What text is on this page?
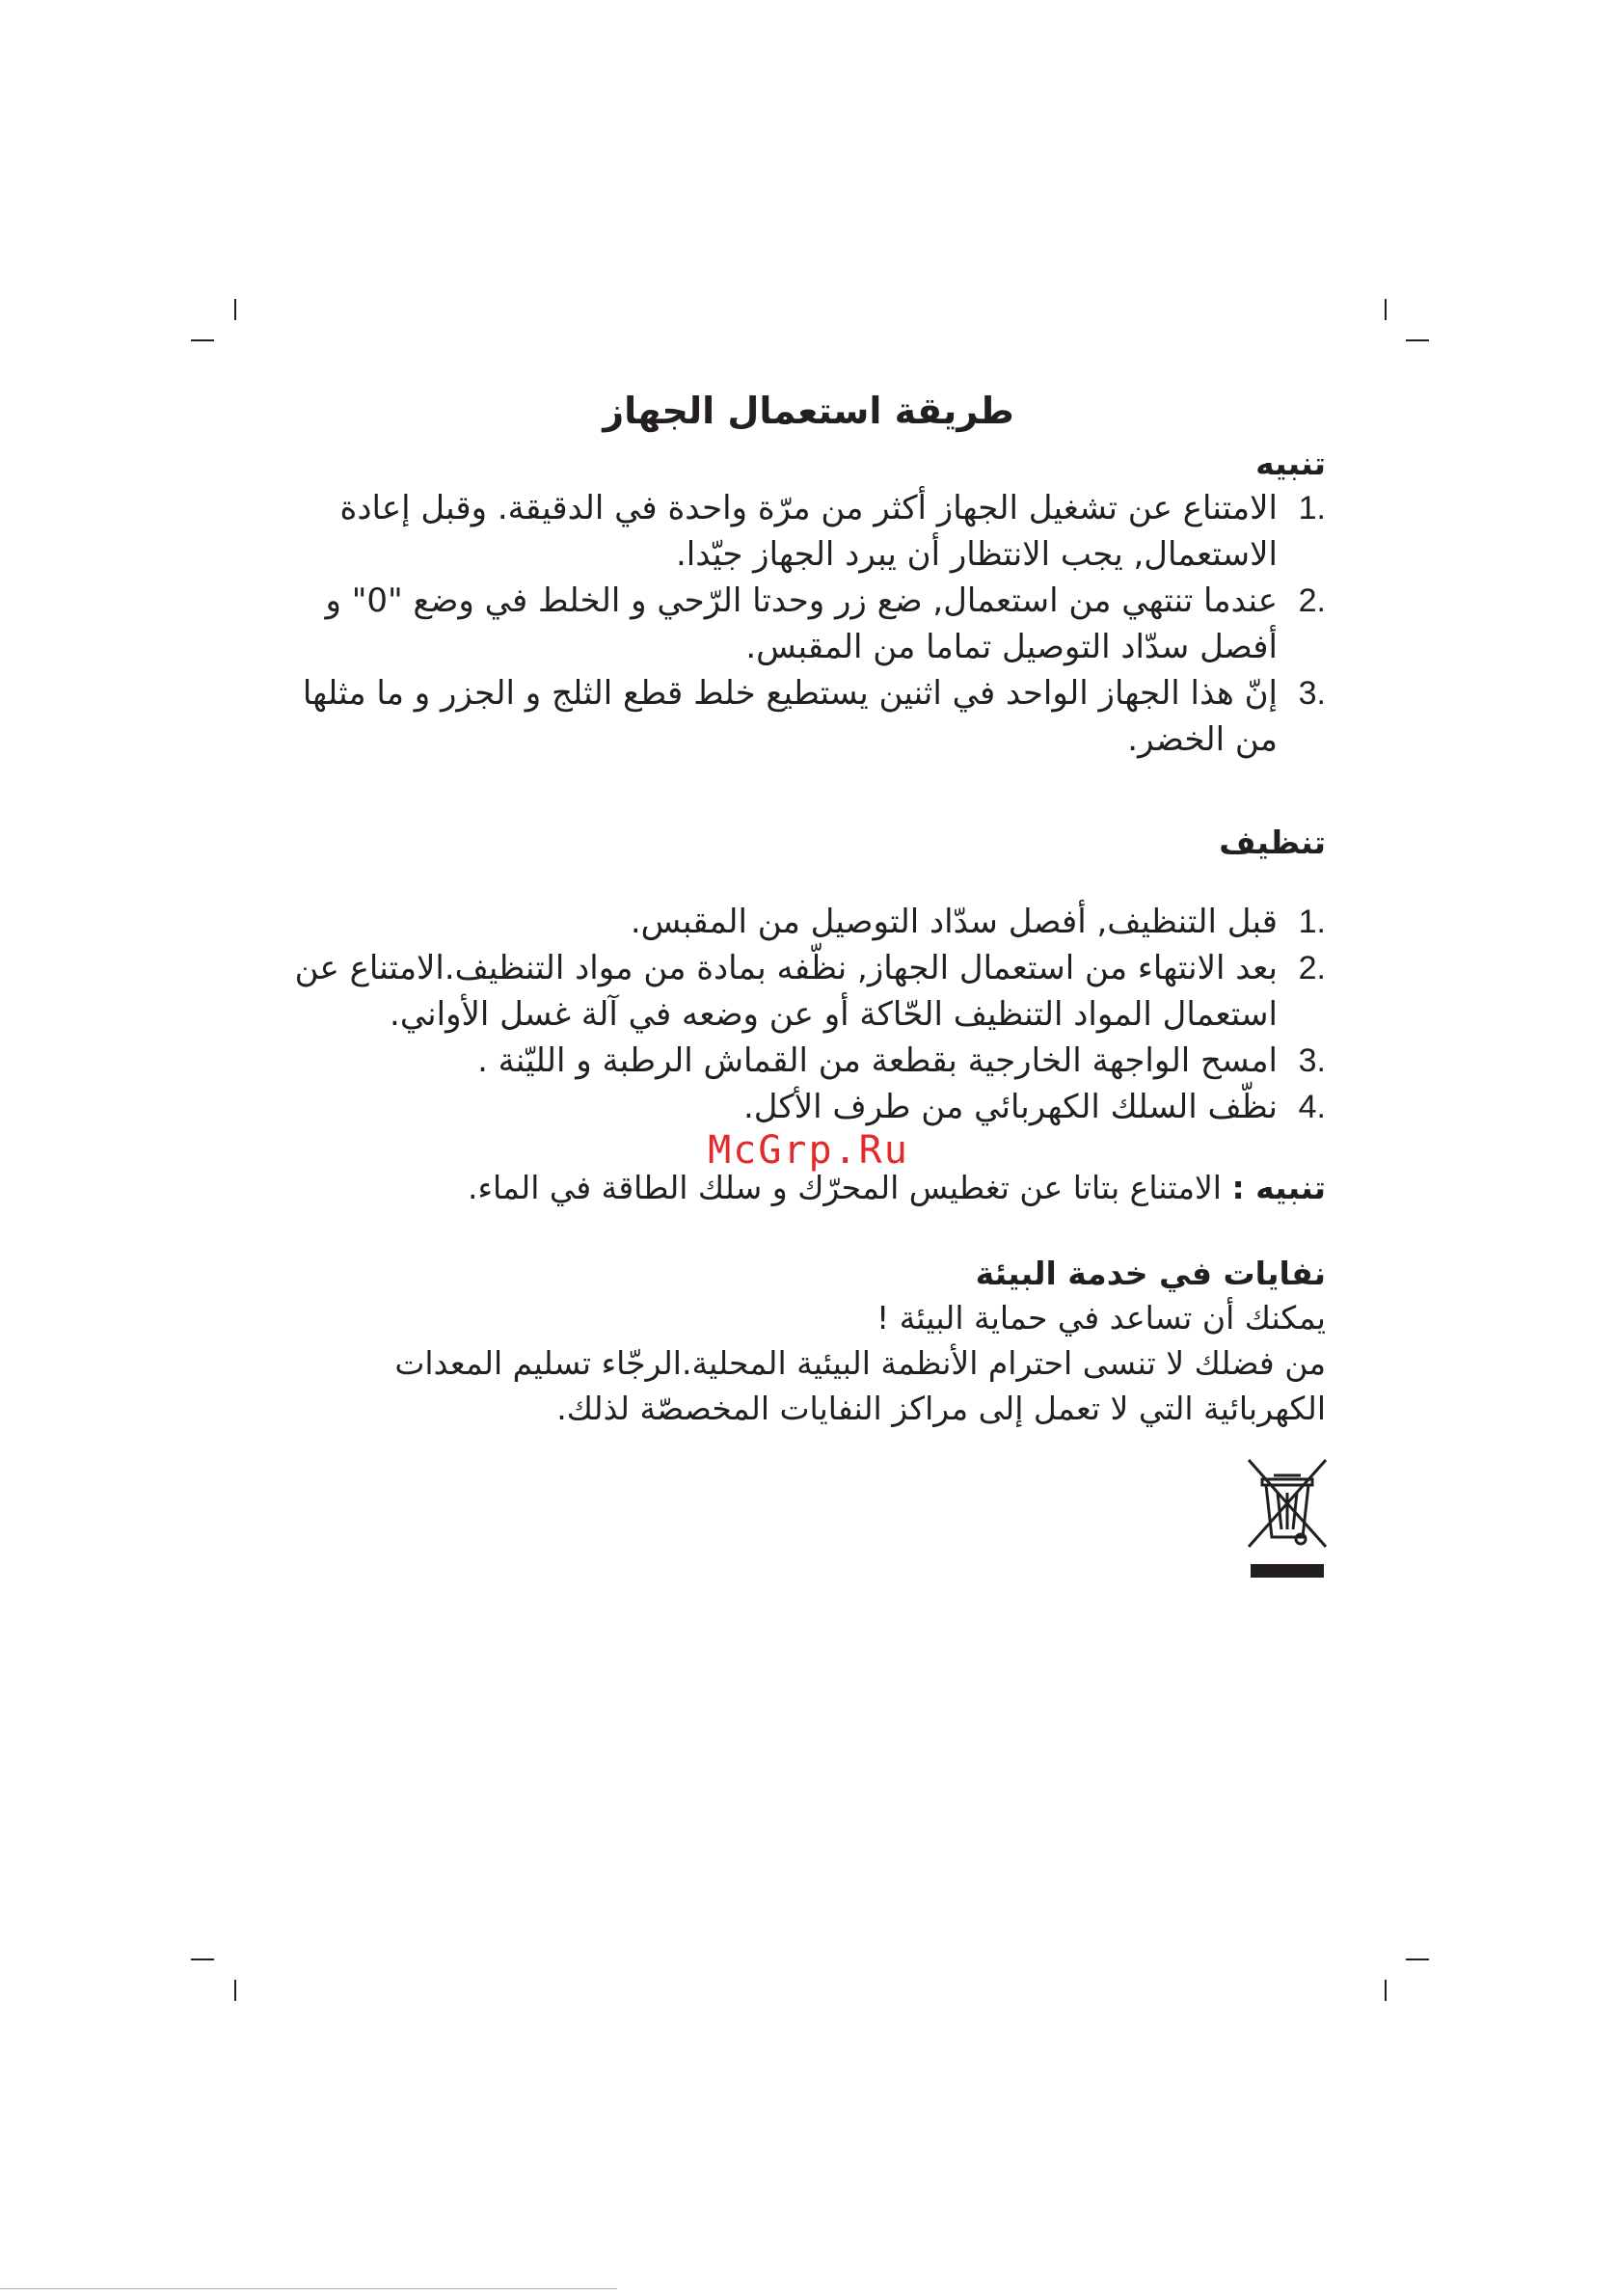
طريقة استعمال الجهاز
تنبيه
1.
الامتناع عن تشغيل الجهاز أكثر من مرّة واحدة في الدقيقة. وقبل إعادة الاستعمال, يجب الانتظار أن يبرد الجهاز جيّدا.
2.
عندما تنتهي من استعمال, ضع زر وحدتا الرّحي و الخلط في وضع "0" و أفصل سدّاد التوصيل تماما من المقبس.
3.
إنّ هذا الجهاز الواحد في اثنين يستطيع خلط قطع الثلج و الجزر و ما مثلها من الخضر.
تنظيف
1.
قبل التنظيف, أفصل سدّاد التوصيل من المقبس.
2.
بعد الانتهاء من استعمال الجهاز, نظّفه بمادة من مواد التنظيف.الامتناع عن استعمال المواد التنظيف الحّاكة أو عن وضعه في آلة غسل الأواني.
3.
امسح الواجهة الخارجية بقطعة من القماش الرطبة و الليّنة .
4.
نظّف السلك الكهربائي من طرف الأكل.
McGrp.Ru

تنبيه : الامتناع بتاتا عن تغطيس المحرّك و سلك الطاقة في الماء.

نفايات في خدمة البيئة

يمكنك أن تساعد في حماية البيئة !

من فضلك لا تنسى احترام الأنظمة البيئية المحلية.الرجّاء تسليم المعدات الكهربائية التي لا تعمل إلى مراكز النفايات المخصصّة لذلك.
